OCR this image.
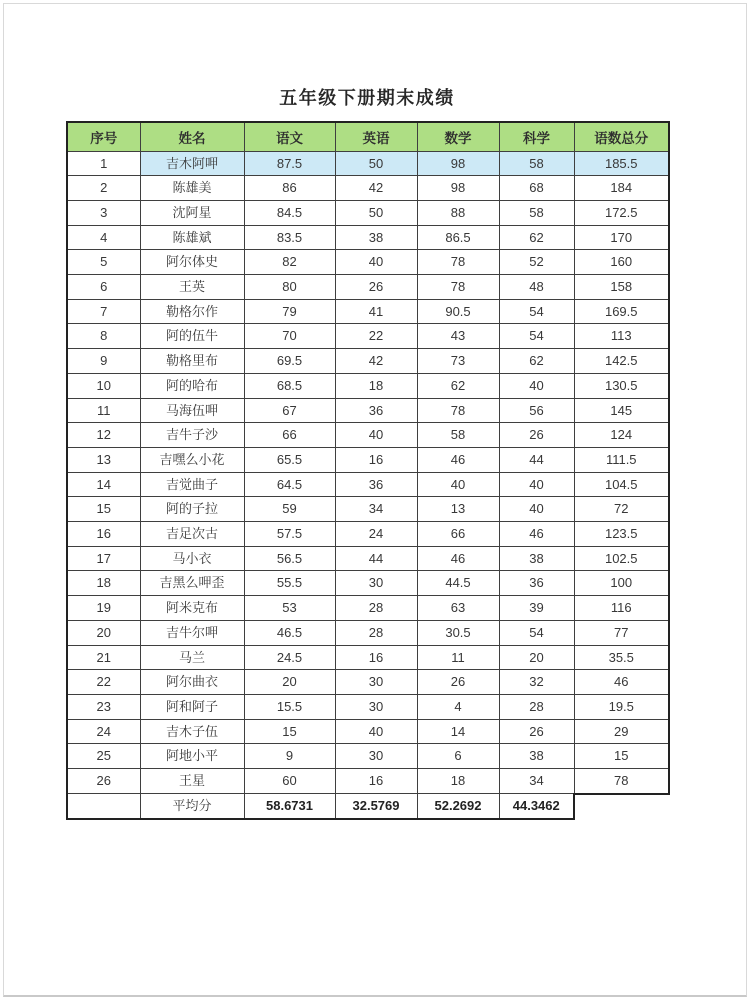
五年级下册期末成绩
序号	姓名	语文	英语	数学	科学	语数总分
1	吉木阿呷	87.5	50	98	58	185.5
2	陈雄美	86	42	98	68	184
3	沈阿星	84.5	50	88	58	172.5
4	陈雄斌	83.5	38	86.5	62	170
5	阿尔体史	82	40	78	52	160
6	王英	80	26	78	48	158
7	勒格尔作	79	41	90.5	54	169.5
8	阿的伍牛	70	22	43	54	113
9	勒格里布	69.5	42	73	62	142.5
10	阿的哈布	68.5	18	62	40	130.5
11	马海伍呷	67	36	78	56	145
12	吉牛子沙	66	40	58	26	124
13	吉嘿么小花	65.5	16	46	44	111.5
14	吉觉曲子	64.5	36	40	40	104.5
15	阿的子拉	59	34	13	40	72
16	吉足次古	57.5	24	66	46	123.5
17	马小衣	56.5	44	46	38	102.5
18	吉黑么呷歪	55.5	30	44.5	36	100
19	阿米克布	53	28	63	39	116
20	吉牛尔呷	46.5	28	30.5	54	77
21	马兰	24.5	16	11	20	35.5
22	阿尔曲衣	20	30	26	32	46
23	阿和阿子	15.5	30	4	28	19.5
24	吉木子伍	15	40	14	26	29
25	阿地小平	9	30	6	38	15
26	王星	60	16	18	34	78
	平均分	58.6731	32.5769	52.2692	44.3462	
